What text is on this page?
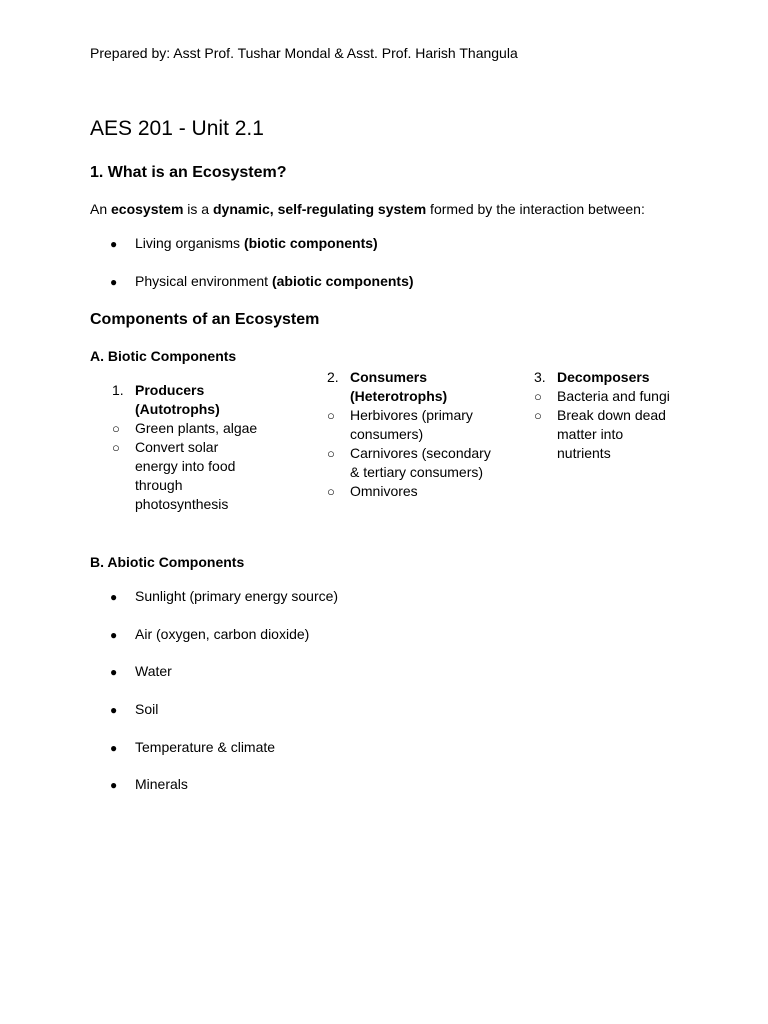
Prepared by: Asst Prof. Tushar Mondal & Asst. Prof. Harish Thangula
AES 201 - Unit 2.1
1. What is an Ecosystem?
An ecosystem is a dynamic, self-regulating system formed by the interaction between:
● Living organisms (biotic components)
● Physical environment (abiotic components)
Components of an Ecosystem
A. Biotic Components
1. Producers
(Autotrophs)
○ Green plants, algae
○ Convert solar energy into food through photosynthesis
2. Consumers
(Heterotrophs)
○ Herbivores (primary consumers)
○ Carnivores (secondary & tertiary consumers)
○ Omnivores
3. Decomposers
○ Bacteria and fungi
○ Break down dead matter into nutrients
B. Abiotic Components
● Sunlight (primary energy source)
● Air (oxygen, carbon dioxide)
● Water
● Soil
● Temperature & climate
● Minerals
